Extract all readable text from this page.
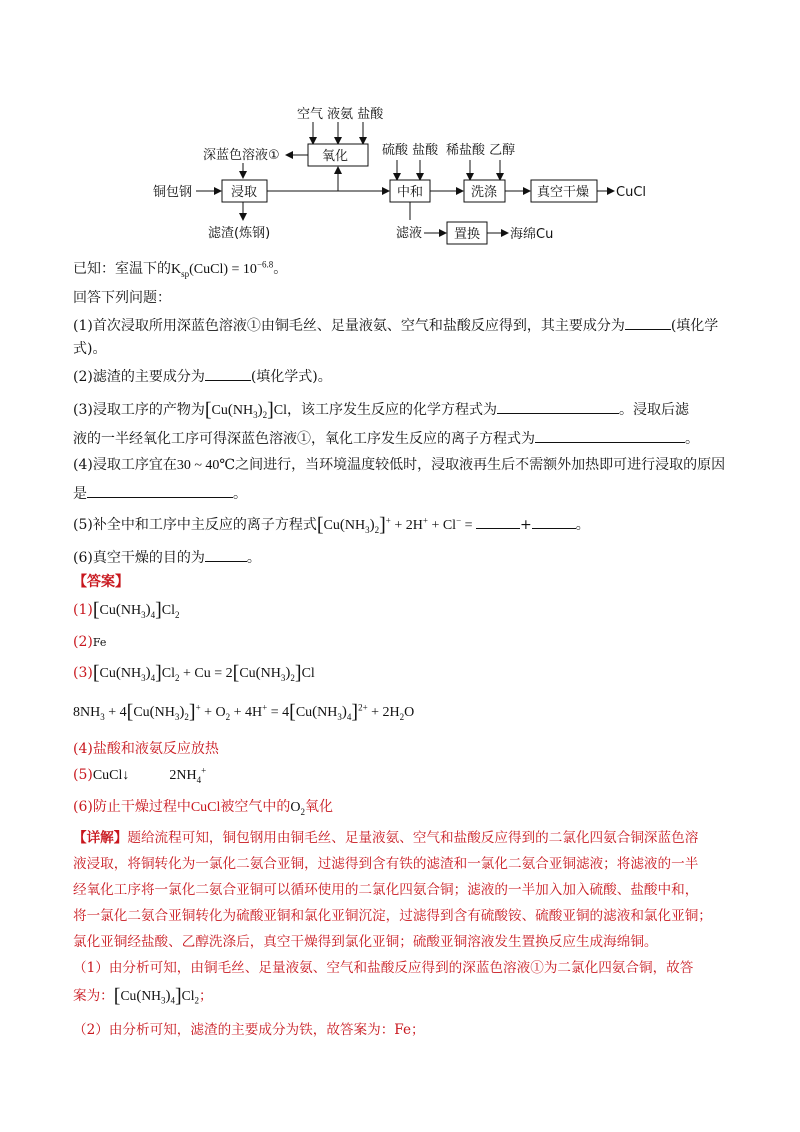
空气 液氨 盐酸
氧化
深蓝色溶液①
铜包钢	浸取
滤渣(炼钢)
硫酸 盐酸
中和
稀盐酸 乙醇
洗涤	真空干燥 CuCl
滤液 置换 海绵Cu
已知：室温下的$K_{sp}(CuCl) = 10^{-6.8}$。
回答下列问题：
(1)首次浸取所用深蓝色溶液①由铜毛丝、足量液氨、空气和盐酸反应得到，其主要成分为	(填化学
式)。
(2)滤渣的主要成分为	(填化学式)。
(3)浸取工序的产物为$[Cu(NH_3)_2]Cl$，该工序发生反应的化学方程式为	。浸取后滤
液的一半经氧化工序可得深蓝色溶液①，氧化工序发生反应的离子方程式为	。
(4)浸取工序宜在30 ~ 40℃之间进行，当环境温度较低时，浸取液再生后不需额外加热即可进行浸取的原因
是	。
(5)补全中和工序中主反应的离子方程式$[Cu(NH_3)_2]^+ + 2H^+ + Cl^-$ =	+	。
(6)真空干燥的目的为	。
【答案】
$(1)[Cu(NH_3)_4]Cl_2$
(2)Fe
$(3)[Cu(NH_3)_4]Cl_2 + Cu = 2[Cu(NH_3)_2]Cl$
$8NH_3 + 4[Cu(NH_3)_2]^+ + O_2 + 4H^+ = 4[Cu(NH_3)_4]^{2+} + 2H_2O$
(4)盐酸和液氨反应放热
(5)CuCl↓	$2NH_4^+$
(6)防止干燥过程中CuCl被空气中的$O_2$氧化
【详解】题给流程可知，铜包钢用由铜毛丝、足量液氨、空气和盐酸反应得到的二氯化四氨合铜深蓝色溶
液浸取，将铜转化为一氯化二氨合亚铜，过滤得到含有铁的滤渣和一氯化二氨合亚铜滤液；将滤液的一半
经氧化工序将一氯化二氨合亚铜可以循环使用的二氯化四氨合铜；滤液的一半加入加入硫酸、盐酸中和，
将一氯化二氨合亚铜转化为硫酸亚铜和氯化亚铜沉淀，过滤得到含有硫酸铵、硫酸亚铜的滤液和氯化亚铜；
氯化亚铜经盐酸、乙醇洗涤后，真空干燥得到氯化亚铜；硫酸亚铜溶液发生置换反应生成海绵铜。
（1）由分析可知，由铜毛丝、足量液氨、空气和盐酸反应得到的深蓝色溶液①为二氯化四氨合铜，故答
案为：$[Cu(NH_3)_4]Cl_2$；
（2）由分析可知，滤渣的主要成分为铁，故答案为：Fe；
